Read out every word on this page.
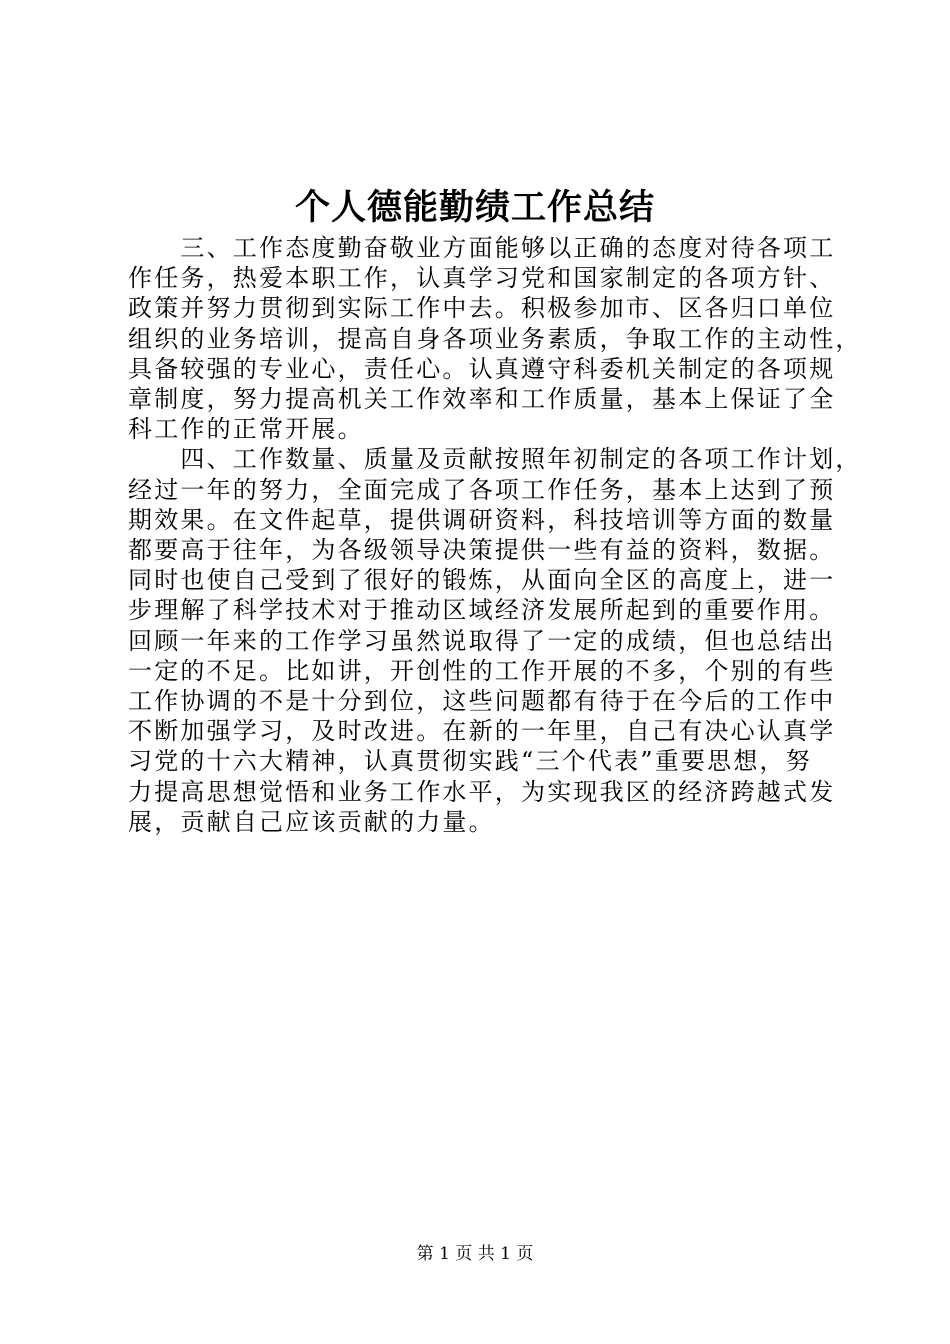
个人德能勤绩工作总结
　　三、工作态度勤奋敬业方面能够以正确的态度对待各项工
作任务，热爱本职工作，认真学习党和国家制定的各项方针、
政策并努力贯彻到实际工作中去。积极参加市、区各归口单位
组织的业务培训，提高自身各项业务素质，争取工作的主动性，
具备较强的专业心，责任心。认真遵守科委机关制定的各项规
章制度，努力提高机关工作效率和工作质量，基本上保证了全
科工作的正常开展。
　　四、工作数量、质量及贡献按照年初制定的各项工作计划，
经过一年的努力，全面完成了各项工作任务，基本上达到了预
期效果。在文件起草，提供调研资料，科技培训等方面的数量
都要高于往年，为各级领导决策提供一些有益的资料，数据。
同时也使自己受到了很好的锻炼，从面向全区的高度上，进一
步理解了科学技术对于推动区域经济发展所起到的重要作用。
回顾一年来的工作学习虽然说取得了一定的成绩，但也总结出
一定的不足。比如讲，开创性的工作开展的不多，个别的有些
工作协调的不是十分到位，这些问题都有待于在今后的工作中
不断加强学习，及时改进。在新的一年里，自己有决心认真学
习党的十六大精神，认真贯彻实践“三个代表”重要思想，努
力提高思想觉悟和业务工作水平，为实现我区的经济跨越式发
展，贡献自己应该贡献的力量。
第 1 页 共 1 页
